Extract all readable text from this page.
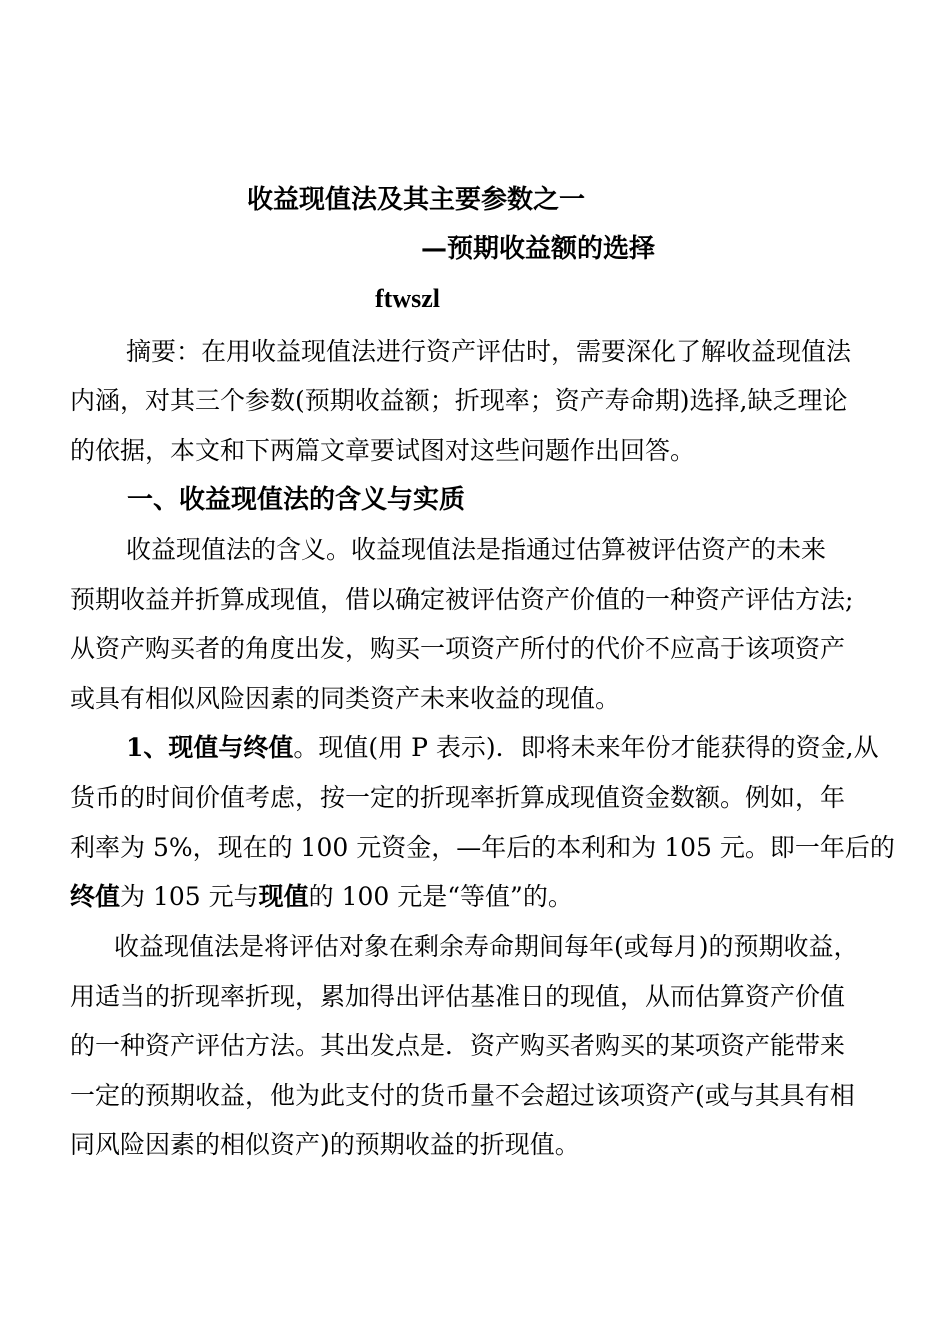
收益现值法及其主要参数之一
—预期收益额的选择
ftwszl
摘要：在用收益现值法进行资产评估时，需要深化了解收益现值法
内涵，对其三个参数(预期收益额；折现率；资产寿命期)选择,缺乏理论
的依据，本文和下两篇文章要试图对这些问题作出回答。
一、收益现值法的含义与实质
收益现值法的含义。收益现值法是指通过估算被评估资产的未来
预期收益并折算成现值，借以确定被评估资产价值的一种资产评估方法;
从资产购买者的角度出发，购买一项资产所付的代价不应高于该项资产
或具有相似风险因素的同类资产未来收益的现值。
1、现值与终值。现值(用 P 表示)．即将未来年份才能获得的资金,从
货币的时间价值考虑，按一定的折现率折算成现值资金数额。例如，年
利率为 5%，现在的 100 元资金，—年后的本利和为 105 元。即一年后的
终值为 105 元与现值的 100 元是“等值”的。
收益现值法是将评估对象在剩余寿命期间每年(或每月)的预期收益，
用适当的折现率折现，累加得出评估基准日的现值，从而估算资产价值
的一种资产评估方法。其出发点是．资产购买者购买的某项资产能带来
一定的预期收益，他为此支付的货币量不会超过该项资产(或与其具有相
同风险因素的相似资产)的预期收益的折现值。
